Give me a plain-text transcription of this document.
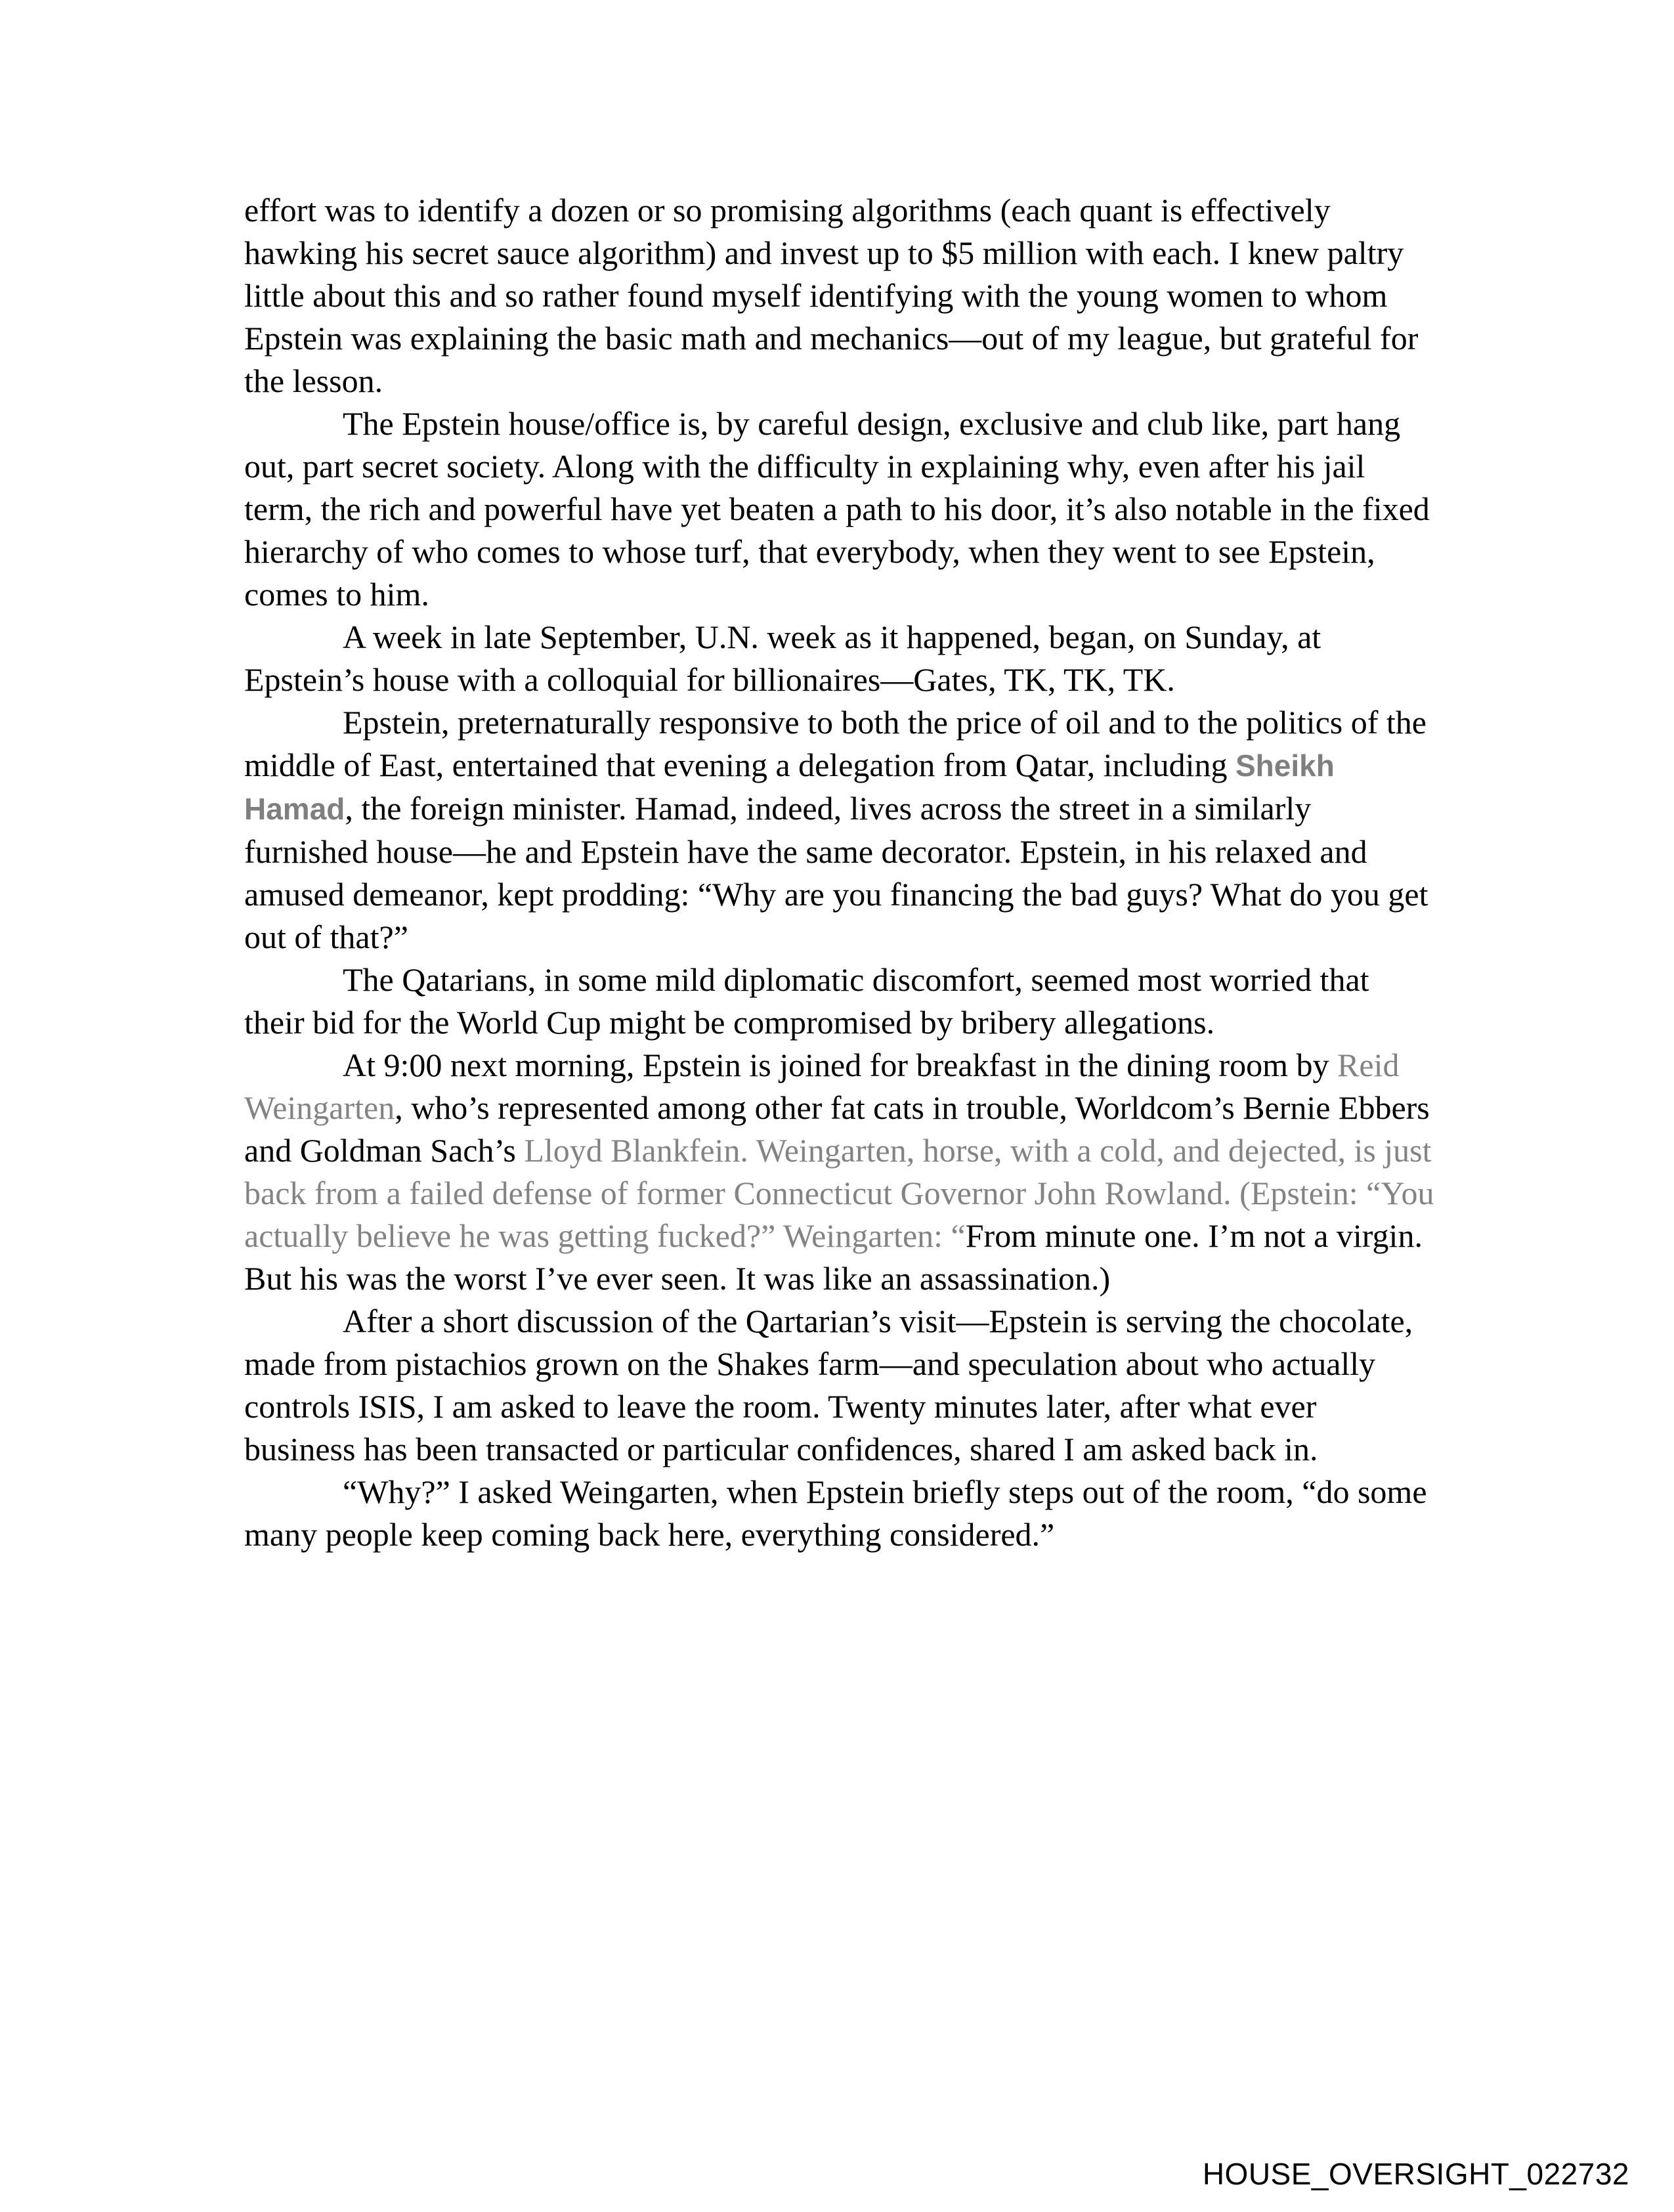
effort was to identify a dozen or so promising algorithms (each quant is effectively hawking his secret sauce algorithm) and invest up to $5 million with each. I knew paltry little about this and so rather found myself identifying with the young women to whom Epstein was explaining the basic math and mechanics—out of my league, but grateful for the lesson.

The Epstein house/office is, by careful design, exclusive and club like, part hang out, part secret society. Along with the difficulty in explaining why, even after his jail term, the rich and powerful have yet beaten a path to his door, it’s also notable in the fixed hierarchy of who comes to whose turf, that everybody, when they went to see Epstein, comes to him.

A week in late September, U.N. week as it happened, began, on Sunday, at Epstein’s house with a colloquial for billionaires—Gates, TK, TK, TK.

Epstein, preternaturally responsive to both the price of oil and to the politics of the middle of East, entertained that evening a delegation from Qatar, including Sheikh Hamad, the foreign minister. Hamad, indeed, lives across the street in a similarly furnished house—he and Epstein have the same decorator. Epstein, in his relaxed and amused demeanor, kept prodding: “Why are you financing the bad guys? What do you get out of that?”

The Qatarians, in some mild diplomatic discomfort, seemed most worried that their bid for the World Cup might be compromised by bribery allegations.

At 9:00 next morning, Epstein is joined for breakfast in the dining room by Reid Weingarten, who’s represented among other fat cats in trouble, Worldcom’s Bernie Ebbers and Goldman Sach’s Lloyd Blankfein. Weingarten, horse, with a cold, and dejected, is just back from a failed defense of former Connecticut Governor John Rowland. (Epstein: “You actually believe he was getting fucked?” Weingarten: “From minute one. I’m not a virgin. But his was the worst I’ve ever seen. It was like an assassination.)

After a short discussion of the Qartarian’s visit—Epstein is serving the chocolate, made from pistachios grown on the Shakes farm—and speculation about who actually controls ISIS, I am asked to leave the room. Twenty minutes later, after what ever business has been transacted or particular confidences, shared I am asked back in.

“Why?” I asked Weingarten, when Epstein briefly steps out of the room, “do some many people keep coming back here, everything considered.”

HOUSE_OVERSIGHT_022732
